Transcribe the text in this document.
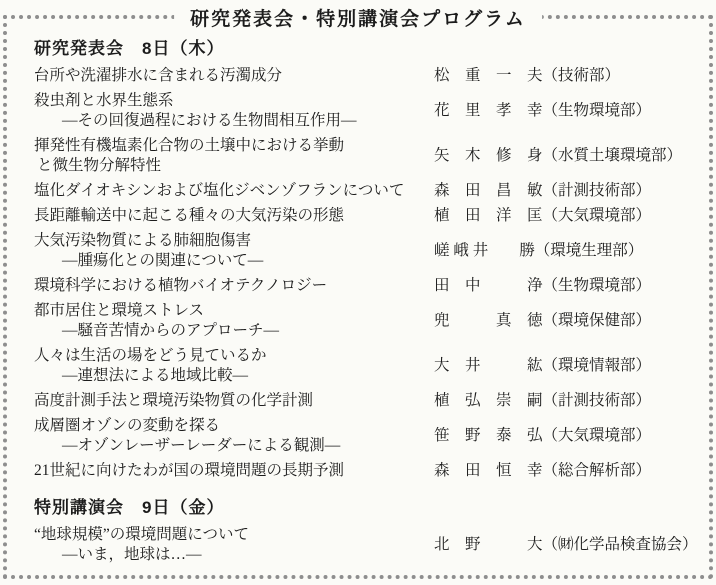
研究発表会・特別講演会プログラム
研究発表会　8日（木）
台所や洗濯排水に含まれる汚濁成分	松　重　一　夫（技術部）
殺虫剤と水界生態系
―その回復過程における生物間相互作用―
花　里　孝　幸（生物環境部）
揮発性有機塩素化合物の土壌中における挙動
と微生物分解特性
矢　木　修　身（水質土壌環境部）
塩化ダイオキシンおよび塩化ジベンゾフランについて	森　田　昌　敏（計測技術部）
長距離輸送中に起こる種々の大気汚染の形態	植　田　洋　匡（大気環境部）
大気汚染物質による肺細胞傷害
―腫瘍化との関連について―
嵯 峨 井　　勝（環境生理部）
環境科学における植物バイオテクノロジー	田　中　　　浄（生物環境部）
都市居住と環境ストレス
―騒音苦情からのアプローチ―
兜　　　真　徳（環境保健部）
人々は生活の場をどう見ているか
―連想法による地域比較―
大　井　　　紘（環境情報部）
高度計測手法と環境汚染物質の化学計測	植　弘　崇　嗣（計測技術部）
成層圏オゾンの変動を探る
―オゾンレーザーレーダーによる観測―
笹　野　泰　弘（大気環境部）
21世紀に向けたわが国の環境問題の長期予測	森　田　恒　幸（総合解析部）
特別講演会　9日（金）
“地球規模”の環境問題について
―いま，地球は…―
北　野　　　大（㈶化学品検査協会）
